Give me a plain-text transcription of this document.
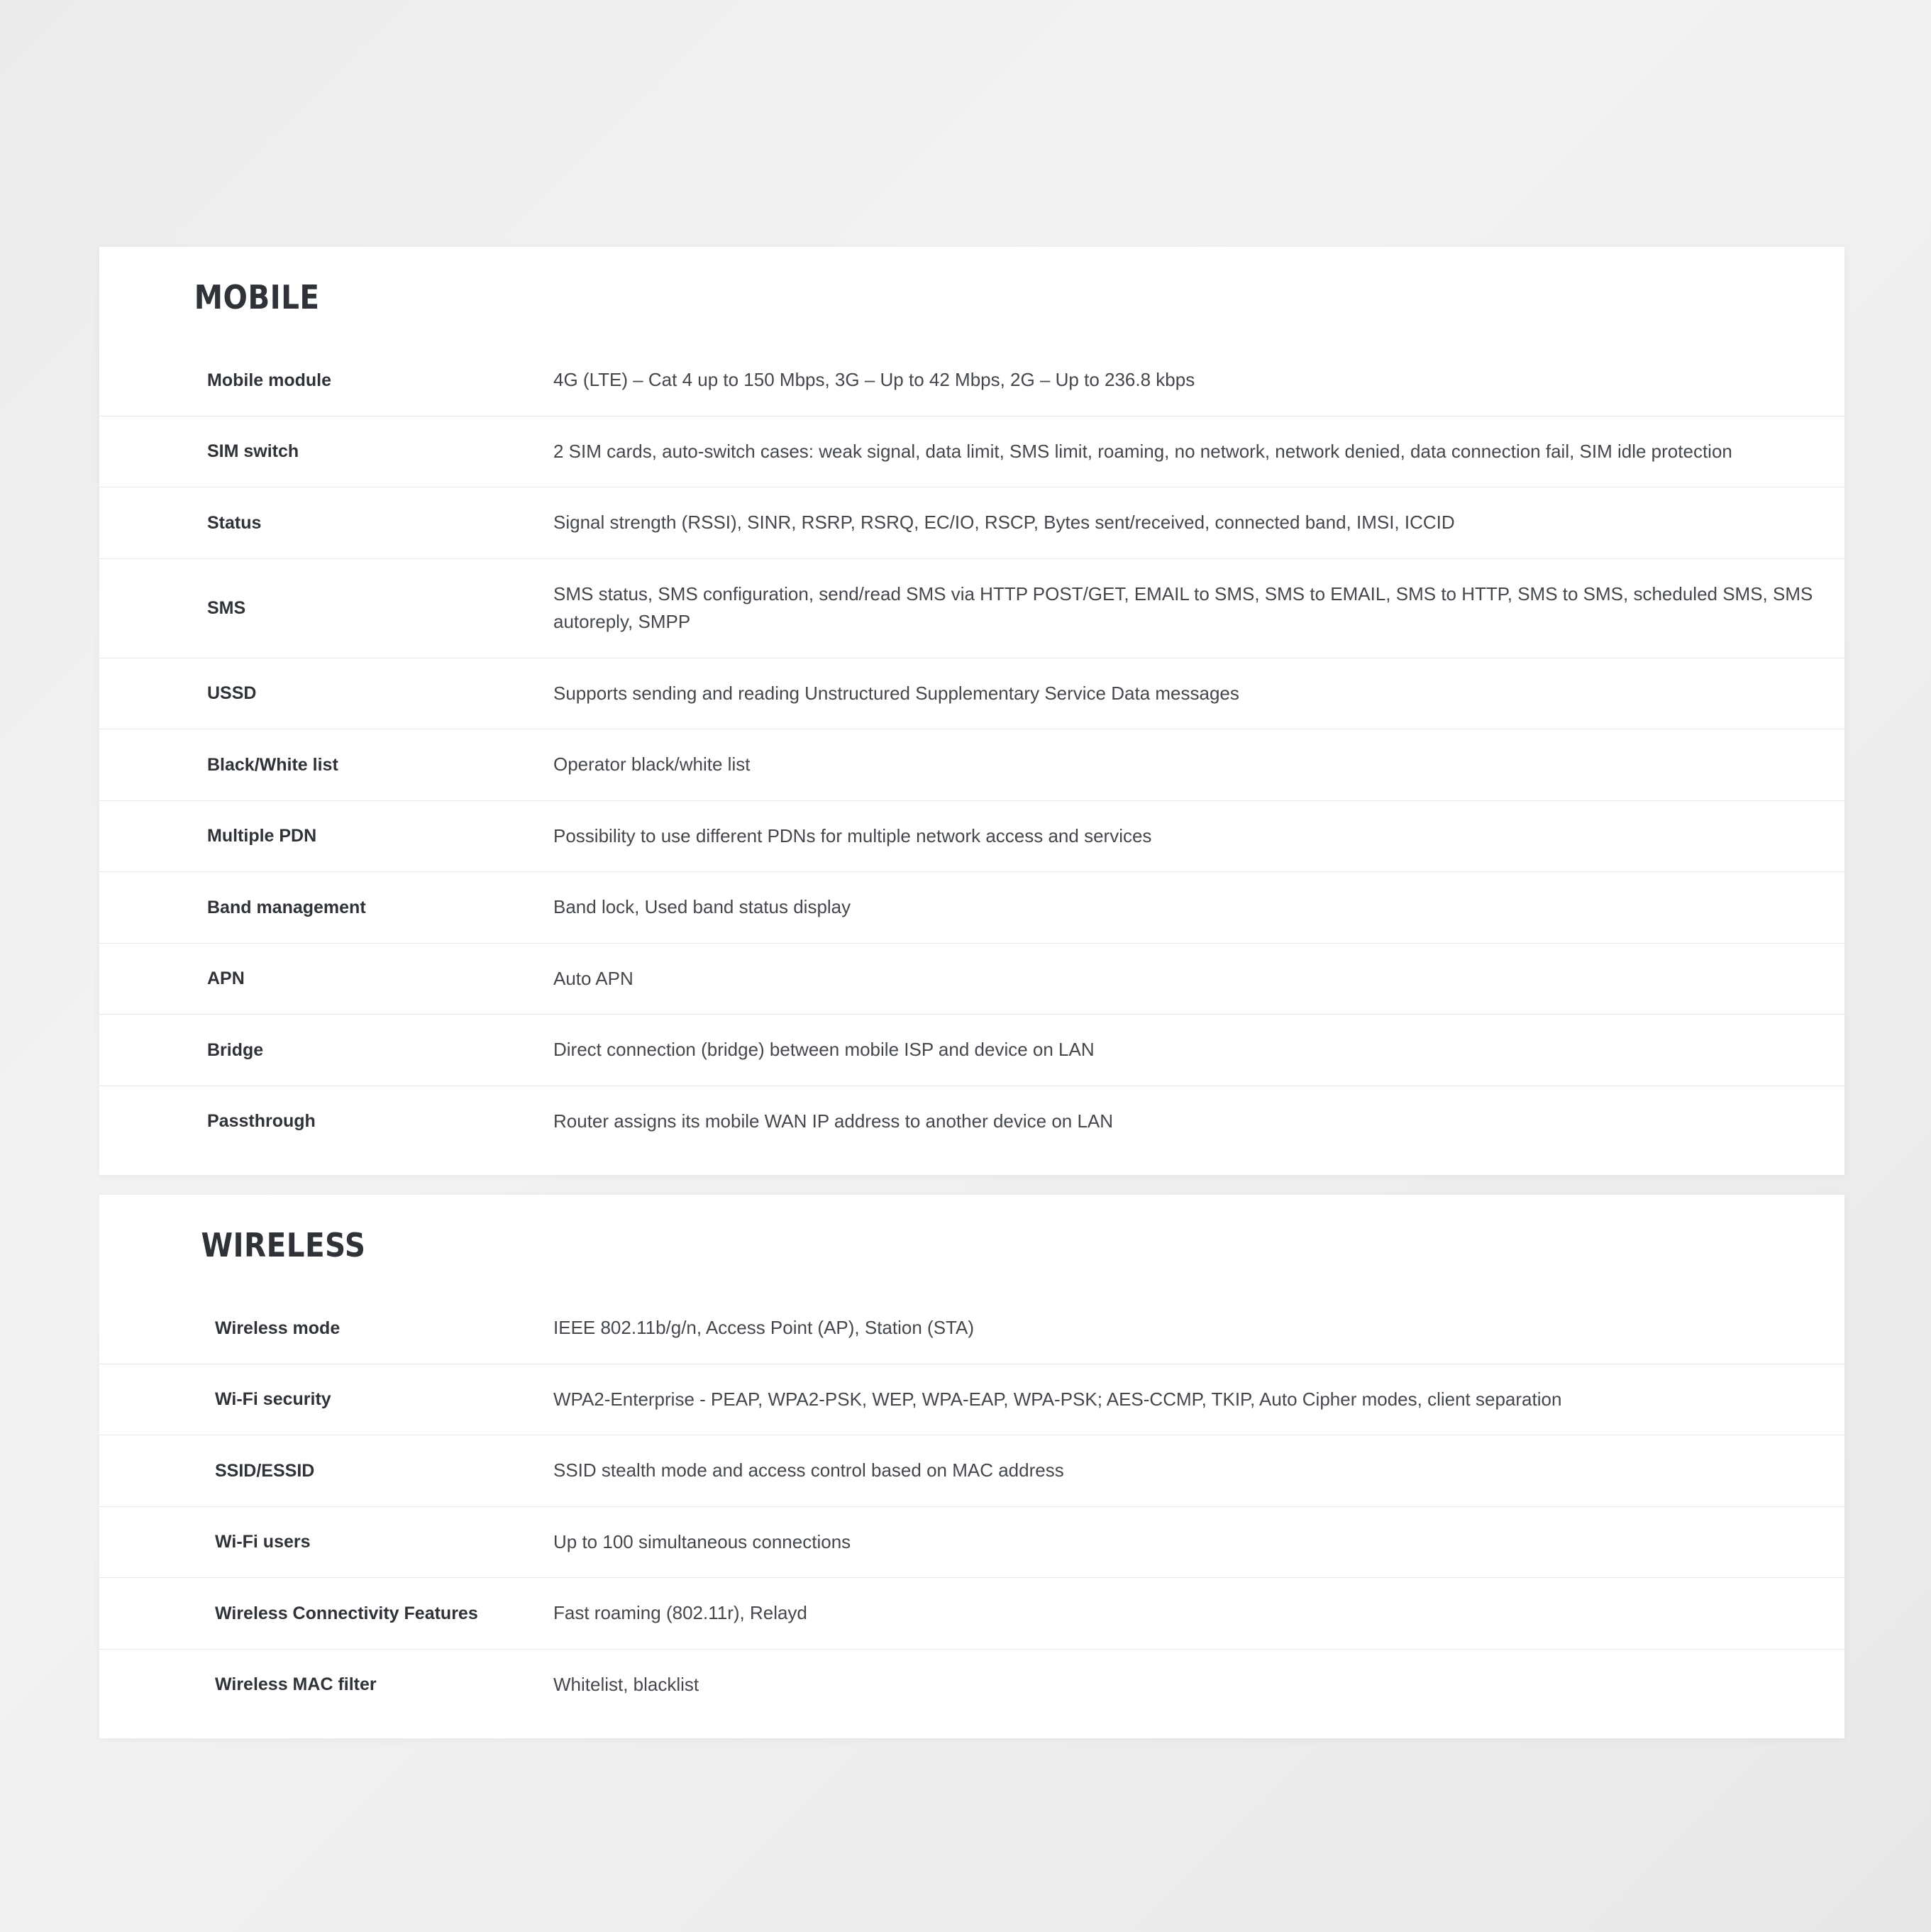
MOBILE
Mobile module	4G (LTE) – Cat 4 up to 150 Mbps, 3G – Up to 42 Mbps, 2G – Up to 236.8 kbps
SIM switch	2 SIM cards, auto-switch cases: weak signal, data limit, SMS limit, roaming, no network, network denied, data connection fail, SIM idle protection
Status	Signal strength (RSSI), SINR, RSRP, RSRQ, EC/IO, RSCP, Bytes sent/received, connected band, IMSI, ICCID
SMS	SMS status, SMS configuration, send/read SMS via HTTP POST/GET, EMAIL to SMS, SMS to EMAIL, SMS to HTTP, SMS to SMS, scheduled SMS, SMS autoreply, SMPP
USSD	Supports sending and reading Unstructured Supplementary Service Data messages
Black/White list	Operator black/white list
Multiple PDN	Possibility to use different PDNs for multiple network access and services
Band management	Band lock, Used band status display
APN	Auto APN
Bridge	Direct connection (bridge) between mobile ISP and device on LAN
Passthrough	Router assigns its mobile WAN IP address to another device on LAN
WIRELESS
Wireless mode	IEEE 802.11b/g/n, Access Point (AP), Station (STA)
Wi-Fi security	WPA2-Enterprise - PEAP, WPA2-PSK, WEP, WPA-EAP, WPA-PSK; AES-CCMP, TKIP, Auto Cipher modes, client separation
SSID/ESSID	SSID stealth mode and access control based on MAC address
Wi-Fi users	Up to 100 simultaneous connections
Wireless Connectivity Features	Fast roaming (802.11r), Relayd
Wireless MAC filter	Whitelist, blacklist
